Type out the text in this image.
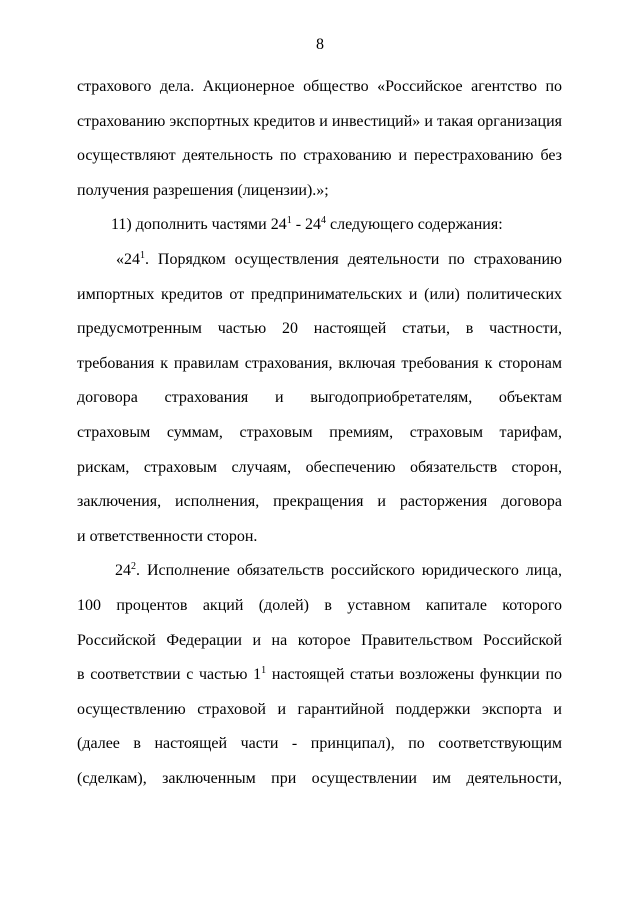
8
страхового дела. Акционерное общество «Российское агентство по
страхованию экспортных кредитов и инвестиций» и такая организация
осуществляют деятельность по страхованию и перестрахованию без
получения разрешения (лицензии).»;
11) дополнить частями $24^1 - 24^4$ следующего содержания:
«$24^1$. Порядком осуществления деятельности по страхованию
импортных кредитов от предпринимательских и (или) политических
предусмотренным частью 20 настоящей статьи, в частности,
требования к правилам страхования, включая требования к сторонам
договора страхования и выгодоприобретателям, объектам
страховым суммам, страховым премиям, страховым тарифам,
рискам, страховым случаям, обеспечению обязательств сторон,
заключения, исполнения, прекращения и расторжения договора
и ответственности сторон.
$24^2$. Исполнение обязательств российского юридического лица,
100 процентов акций (долей) в уставном капитале которого
Российской Федерации и на которое Правительством Российской
в соответствии с частью $1^1$ настоящей статьи возложены функции по
осуществлению страховой и гарантийной поддержки экспорта и
(далее в настоящей части - принципал), по соответствующим
(сделкам), заключенным при осуществлении им деятельности,
